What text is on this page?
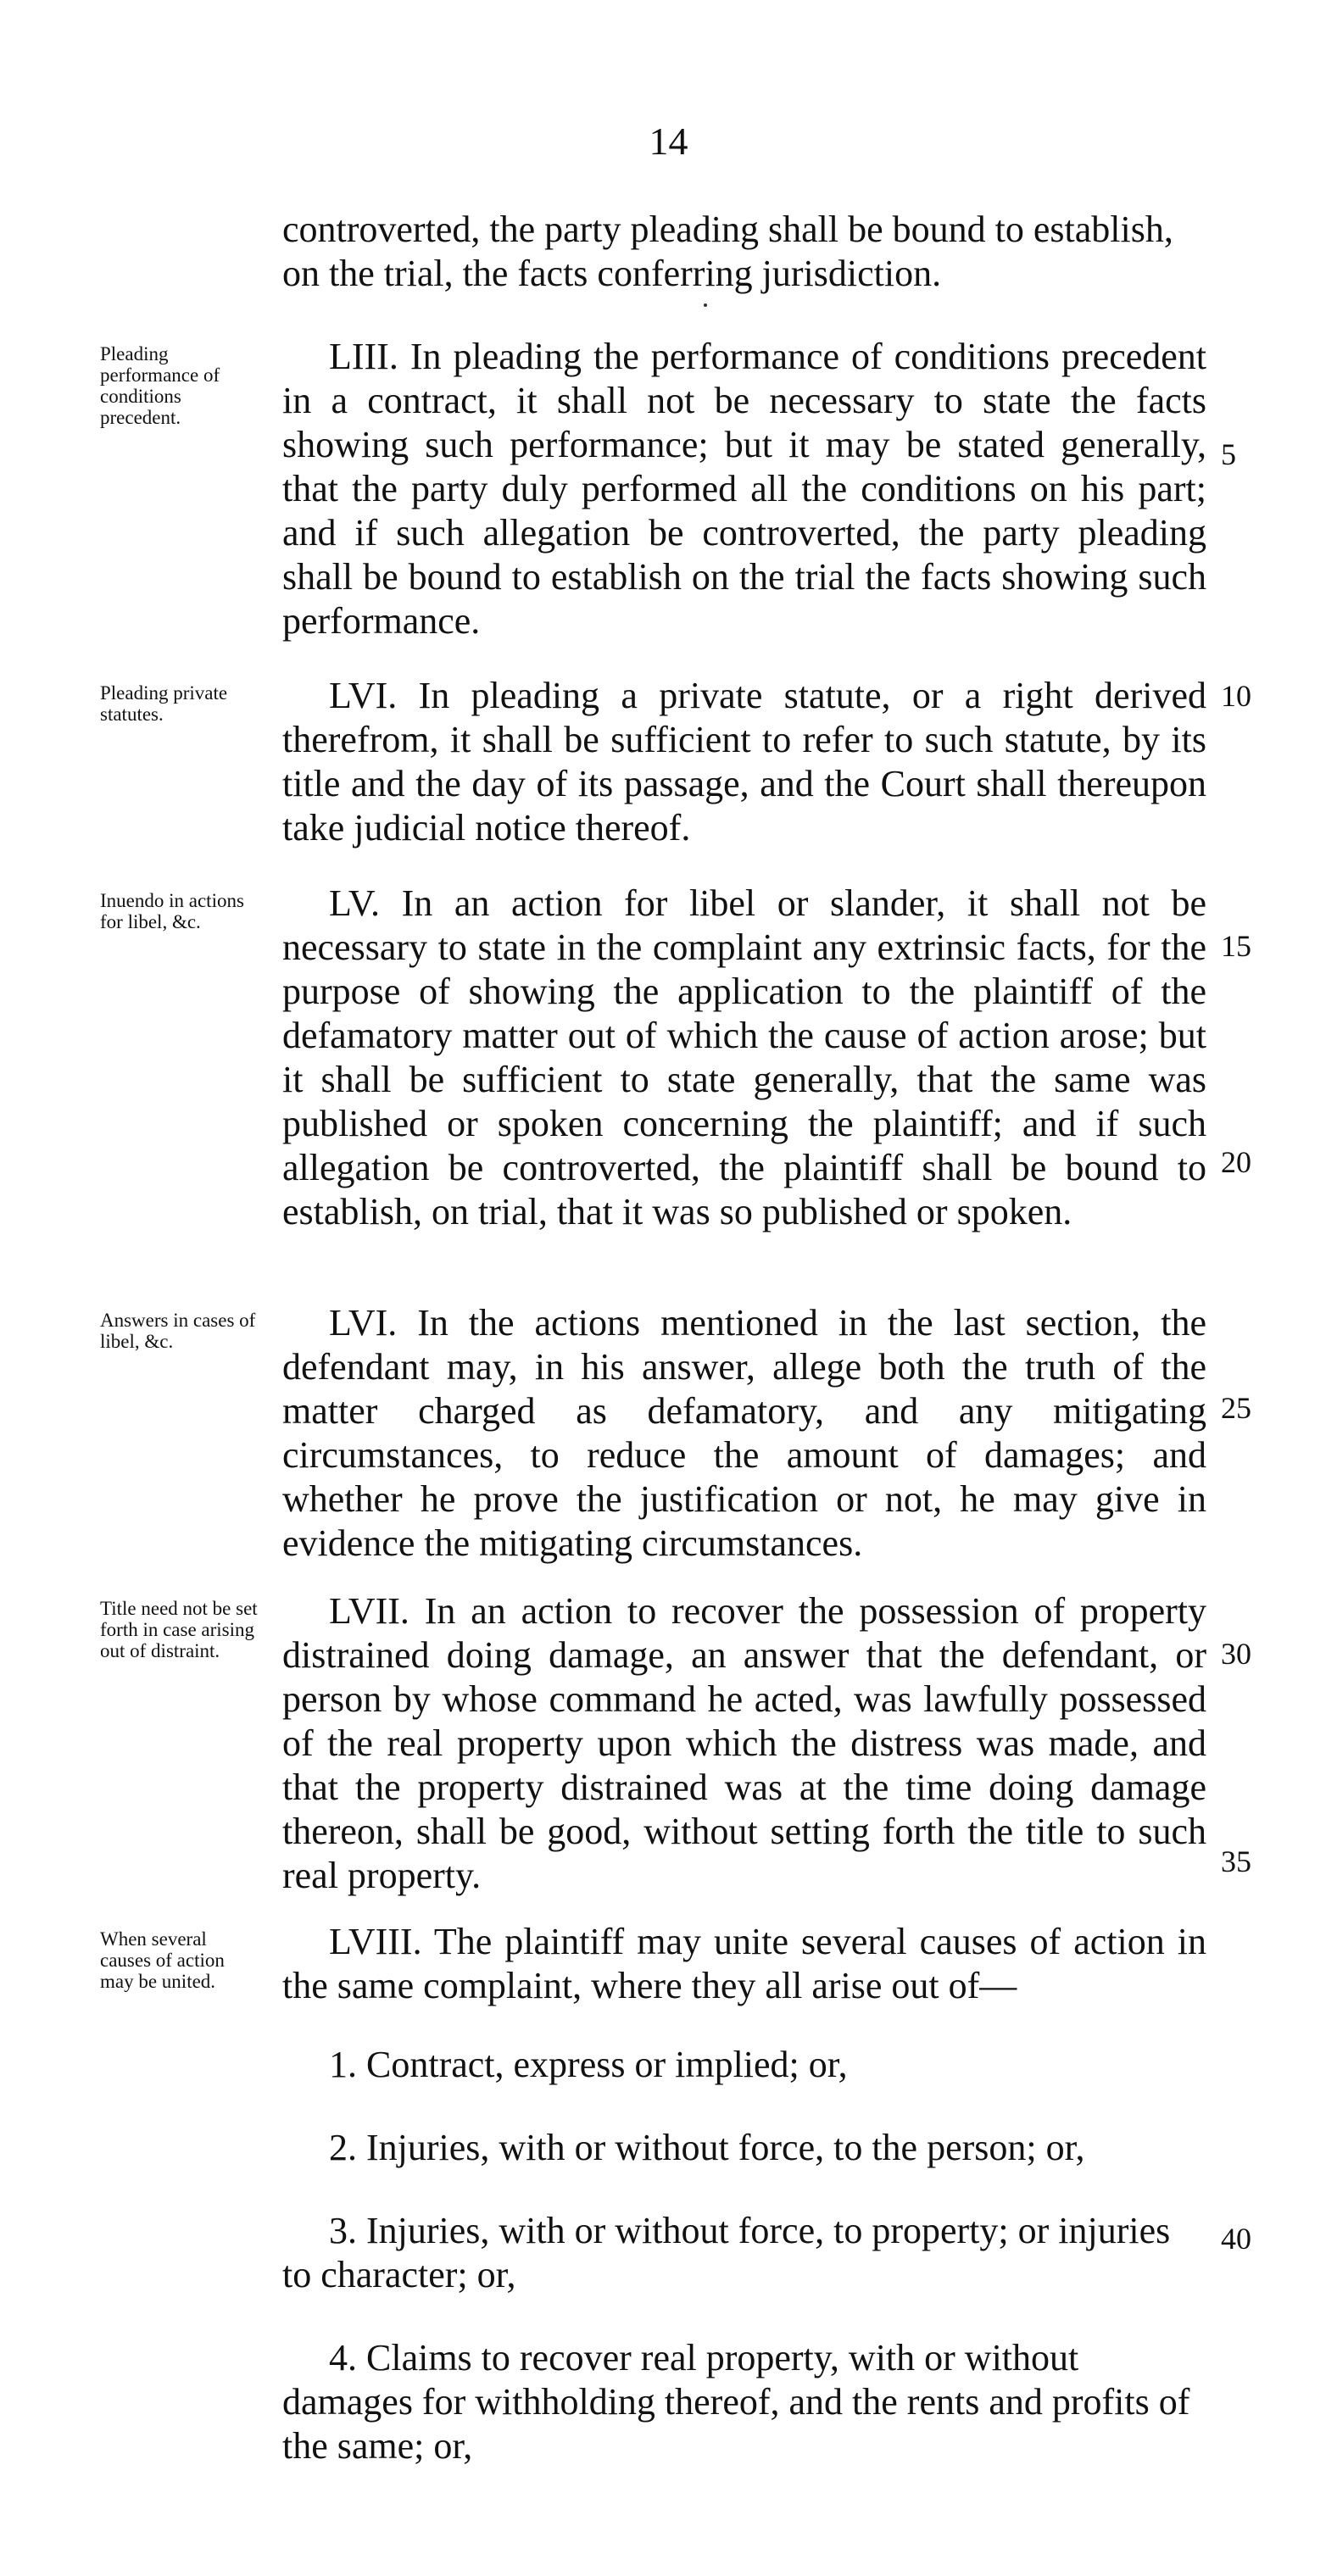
14
controverted, the party pleading shall be bound to establish, on the trial, the facts conferring jurisdiction.
Pleading performance of conditions precedent.

LIII. In pleading the performance of conditions precedent in a contract, it shall not be necessary to state the facts showing such performance; but it may be stated generally, that the party duly performed all the conditions on his part; and if such allegation be controverted, the party pleading shall be bound to establish on the trial the facts showing such performance.

Pleading private statutes.	LVI. In pleading a private statute, or a right derived therefrom, it shall be sufficient to refer to such statute, by its title and the day of its passage, and the Court shall thereupon take judicial notice thereof.

Inuendo in actions for libel, &c.	LV. In an action for libel or slander, it shall not be necessary to state in the complaint any extrinsic facts, for the purpose of showing the application to the plaintiff of the defamatory matter out of which the cause of action arose; but it shall be sufficient to state generally, that the same was published or spoken concerning the plaintiff; and if such allegation be controverted, the plaintiff shall be bound to establish, on trial, that it was so published or spoken.

Answers in cases of libel, &c.	LVI. In the actions mentioned in the last section, the defendant may, in his answer, allege both the truth of the matter charged as defamatory, and any mitigating circumstances, to reduce the amount of damages; and whether he prove the justification or not, he may give in evidence the mitigating circumstances.

Title need not be set forth in case arising out of distraint.

LVII. In an action to recover the possession of property distrained doing damage, an answer that the defendant, or person by whose command he acted, was lawfully possessed of the real property upon which the distress was made, and that the property distrained was at the time doing damage thereon, shall be good, without setting forth the title to such real property.

When several causes of action may be united.

LVIII. The plaintiff may unite several causes of action in the same complaint, where they all arise out of—

1. Contract, express or implied; or,

2. Injuries, with or without force, to the person; or,

3. Injuries, with or without force, to property; or injuries to character; or,

4. Claims to recover real property, with or without damages for withholding thereof, and the rents and profits of the same; or,

5
10
15
20
25
30
35
40
